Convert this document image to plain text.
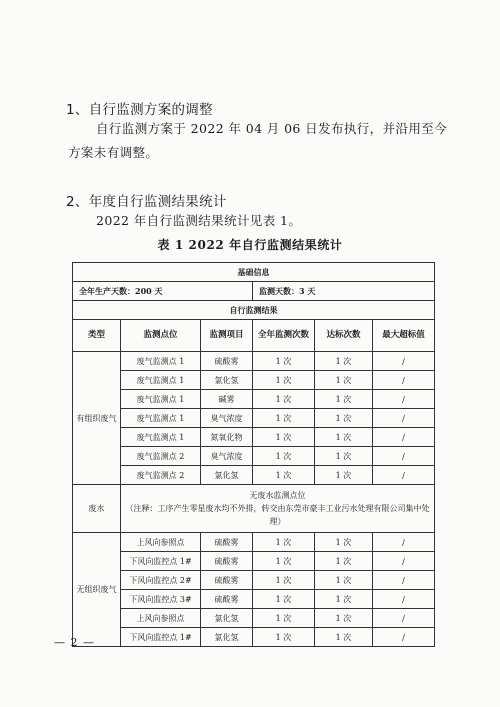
1、自行监测方案的调整
自行监测方案于 2022 年 04 月 06 日发布执行，并沿用至今
方案未有调整。
2、年度自行监测结果统计
2022 年自行监测结果统计见表 1。
表 1 2022 年自行监测结果统计
基础信息					
全年生产天数：200 天			监测天数：3 天		
自行监测结果					
类型	监测点位	监测项目	全年监测次数	达标次数	最大超标值
有组织废气	废气监测点 1	硫酸雾	1 次	1 次	/
	废气监测点 1	氯化氢	1 次	1 次	/
	废气监测点 1	碱雾	1 次	1 次	/
	废气监测点 1	臭气浓度	1 次	1 次	/
	废气监测点 1	氮氧化物	1 次	1 次	/
	废气监测点 2	臭气浓度	1 次	1 次	/
	废气监测点 2	氯化氢	1 次	1 次	/
废水	无废水监测点位
（注释：工序产生零星废水均不外排，转交由东莞市豪丰工业污水处理有限公司集中处理）				

无组织废气	上风向参照点	硫酸雾	1 次	1 次	/
	下风向监控点 1#	硫酸雾	1 次	1 次	/
	下风向监控点 2#	硫酸雾	1 次	1 次	/
	下风向监控点 3#	硫酸雾	1 次	1 次	/
	上风向参照点	氯化氢	1 次	1 次	/
	下风向监控点 1#	氯化氢	1 次	1 次	/
— 2 —
